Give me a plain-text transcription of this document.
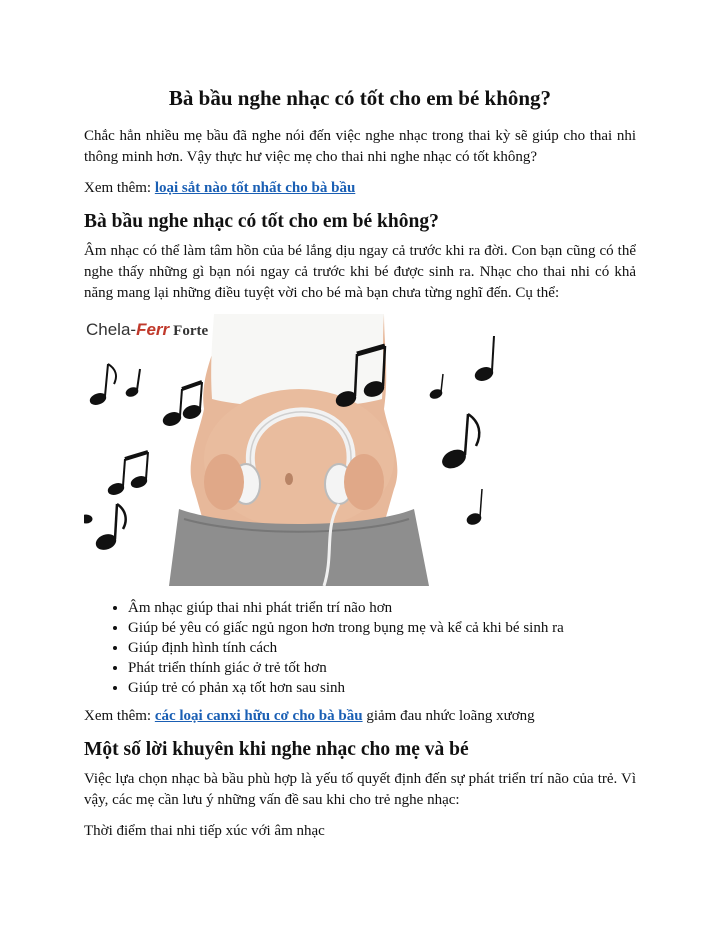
Bà bầu nghe nhạc có tốt cho em bé không?

Chắc hẳn nhiều mẹ bầu đã nghe nói đến việc nghe nhạc trong thai kỳ sẽ giúp cho thai nhi thông minh hơn. Vậy thực hư việc mẹ cho thai nhi nghe nhạc có tốt không?

Xem thêm: loại sắt nào tốt nhất cho bà bầu

Bà bầu nghe nhạc có tốt cho em bé không?

Âm nhạc có thể làm tâm hồn của bé lắng dịu ngay cả trước khi ra đời. Con bạn cũng có thể nghe thấy những gì bạn nói ngay cả trước khi bé được sinh ra. Nhạc cho thai nhi có khả năng mang lại những điều tuyệt vời cho bé mà bạn chưa từng nghĩ đến. Cụ thể:

Chela-Ferr Forte
• Âm nhạc giúp thai nhi phát triển trí não hơn
• Giúp bé yêu có giấc ngủ ngon hơn trong bụng mẹ và kể cả khi bé sinh ra
• Giúp định hình tính cách
• Phát triển thính giác ở trẻ tốt hơn
• Giúp trẻ có phản xạ tốt hơn sau sinh

Xem thêm: các loại canxi hữu cơ cho bà bầu giảm đau nhức loãng xương

Một số lời khuyên khi nghe nhạc cho mẹ và bé

Việc lựa chọn nhạc bà bầu phù hợp là yếu tố quyết định đến sự phát triển trí não của trẻ. Vì vậy, các mẹ cần lưu ý những vấn đề sau khi cho trẻ nghe nhạc:

Thời điểm thai nhi tiếp xúc với âm nhạc
